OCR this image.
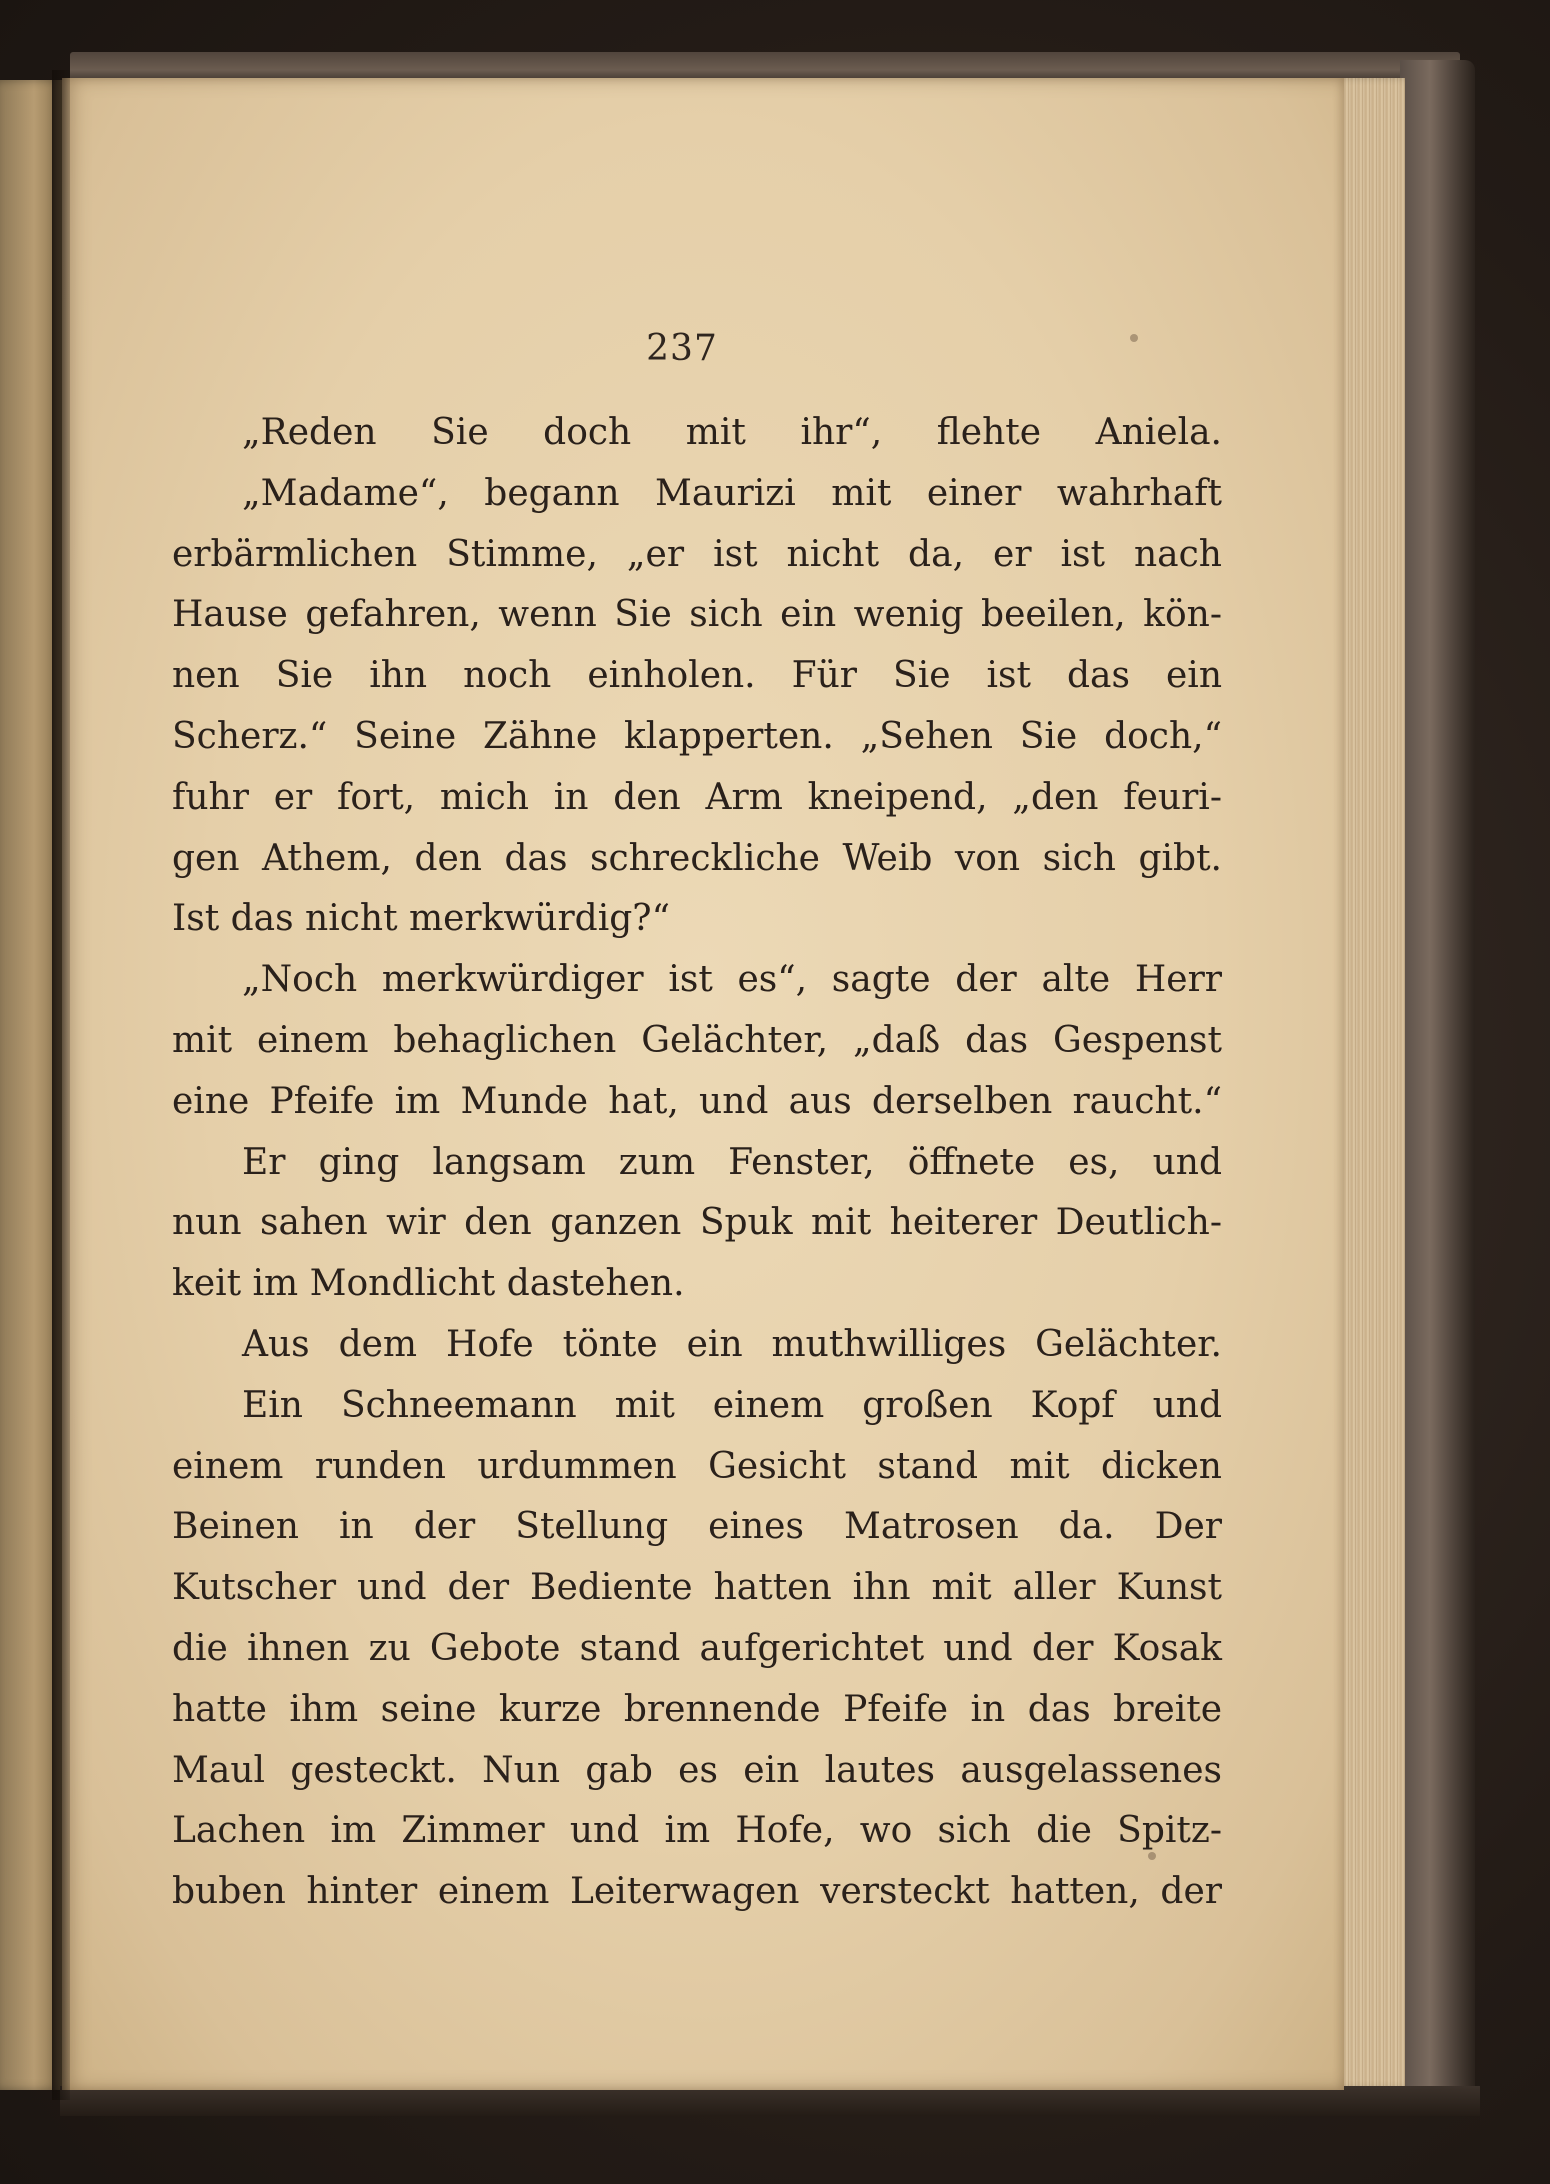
237
„Reden Sie doch mit ihr“, flehte Aniela.
„Madame“, begann Maurizi mit einer wahrhaft
erbärmlichen Stimme, „er ist nicht da, er ist nach
Hause gefahren, wenn Sie sich ein wenig beeilen, kön-
nen Sie ihn noch einholen. Für Sie ist das ein
Scherz.“ Seine Zähne klapperten. „Sehen Sie doch,“
fuhr er fort, mich in den Arm kneipend, „den feuri-
gen Athem, den das schreckliche Weib von sich gibt.
Ist das nicht merkwürdig?“
„Noch merkwürdiger ist es“, sagte der alte Herr
mit einem behaglichen Gelächter, „daß das Gespenst
eine Pfeife im Munde hat, und aus derselben raucht.“
Er ging langsam zum Fenster, öffnete es, und
nun sahen wir den ganzen Spuk mit heiterer Deutlich-
keit im Mondlicht dastehen.
Aus dem Hofe tönte ein muthwilliges Gelächter.
Ein Schneemann mit einem großen Kopf und
einem runden urdummen Gesicht stand mit dicken
Beinen in der Stellung eines Matrosen da. Der
Kutscher und der Bediente hatten ihn mit aller Kunst
die ihnen zu Gebote stand aufgerichtet und der Kosak
hatte ihm seine kurze brennende Pfeife in das breite
Maul gesteckt. Nun gab es ein lautes ausgelassenes
Lachen im Zimmer und im Hofe, wo sich die Spitz-
buben hinter einem Leiterwagen versteckt hatten, der
